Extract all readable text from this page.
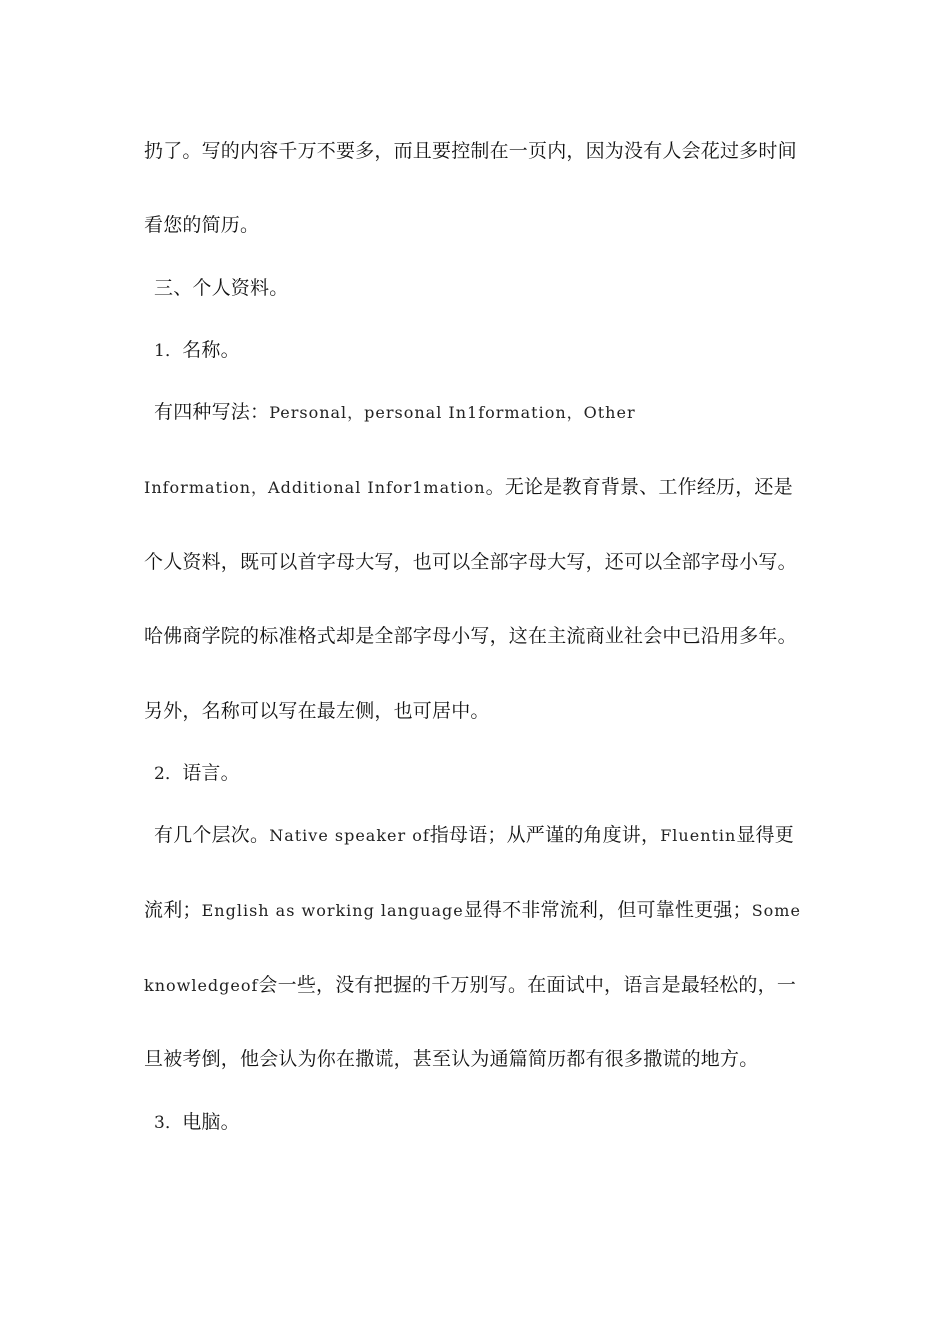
扔了。写的内容千万不要多，而且要控制在一页内，因为没有人会花过多时间
看您的简历。
三、个人资料。
1．名称。
有四种写法：Personal，personal In1formation，Other
Information，Additional Infor1mation。无论是教育背景、工作经历，还是
个人资料，既可以首字母大写，也可以全部字母大写，还可以全部字母小写。
哈佛商学院的标准格式却是全部字母小写，这在主流商业社会中已沿用多年。
另外，名称可以写在最左侧，也可居中。
2．语言。
有几个层次。Native speaker of指母语；从严谨的角度讲，Fluentin显得更
流利；English as working language显得不非常流利，但可靠性更强；Some
knowledgeof会一些，没有把握的千万别写。在面试中，语言是最轻松的，一
旦被考倒，他会认为你在撒谎，甚至认为通篇简历都有很多撒谎的地方。
3．电脑。
